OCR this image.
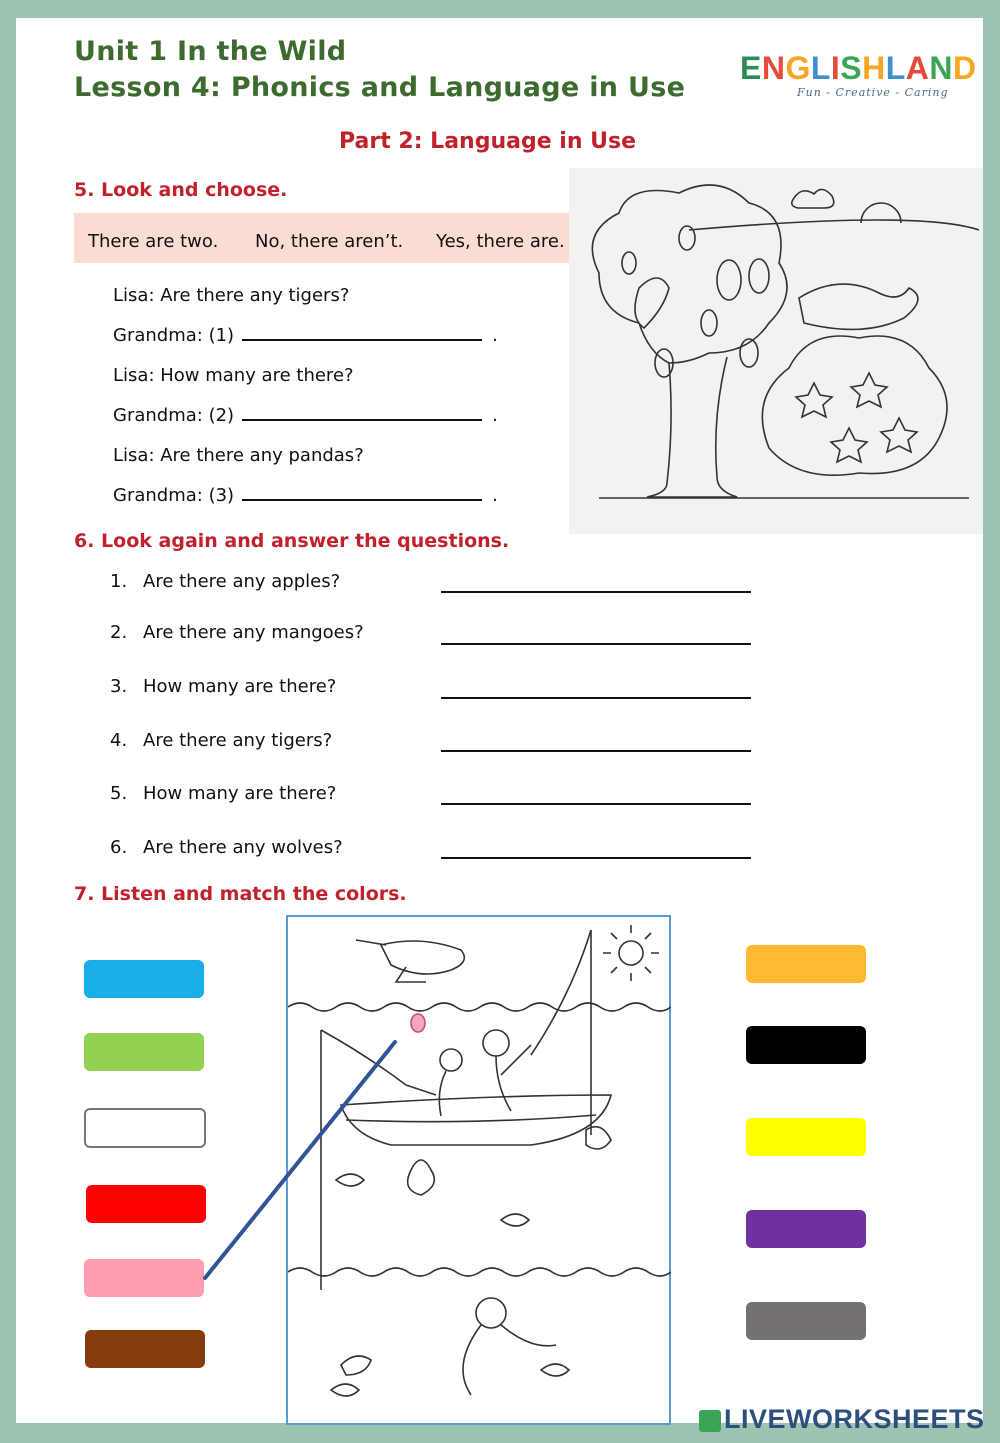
Unit 1 In the Wild
Lesson 4: Phonics and Language in Use
ENGLISHLAND
Fun - Creative - Caring
Part 2: Language in Use
5. Look and choose.
There are two. No, there aren’t. Yes, there are.
Lisa: Are there any tigers?
Grandma: (1)	.
Lisa: How many are there?
Grandma: (2)	.
Lisa: Are there any pandas?
Grandma: (3)	.
6. Look again and answer the questions.
1. Are there any apples?
2. Are there any mangoes?
3. How many are there?
4. Are there any tigers?
5. How many are there?
6. Are there any wolves?
7. Listen and match the colors.
LIVEWORKSHEETS
